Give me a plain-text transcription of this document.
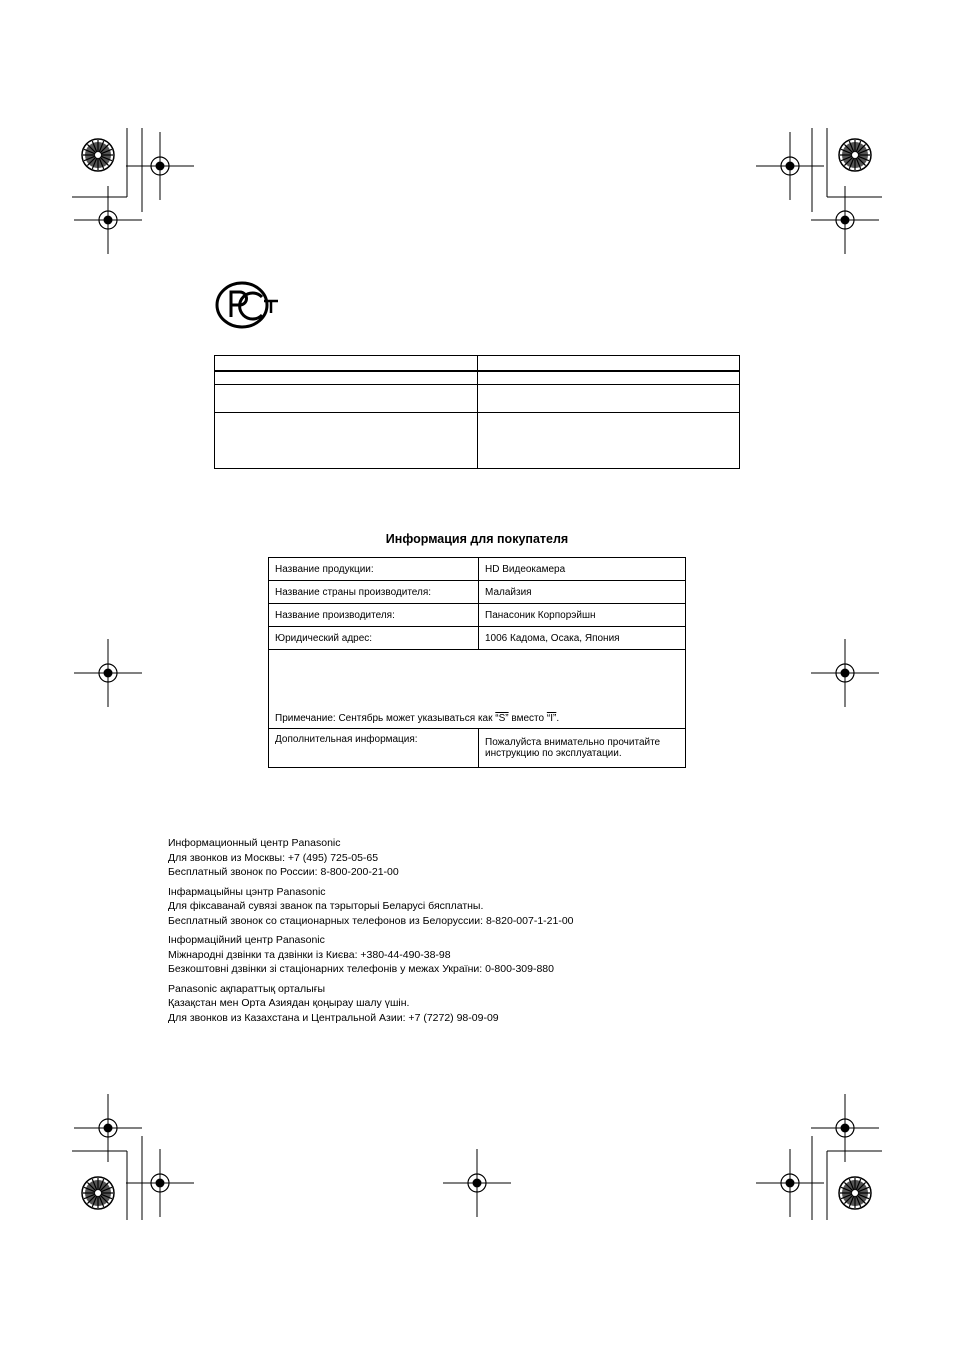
Информация для покупателя
Название продукции:	HD Видеокамера
Название страны производителя:	Малайзия
Название производителя:	Панасоник Корпорэйшн
Юридический адрес:	1006 Кадома, Осака, Япония
Примечание: Сентябрь может указываться как “S” вместо “I”.	
Дополнительная информация:	Пожалуйста внимательно прочитайте
инструкцию по эксплуатации.
Информационный центр Panasonic
Для звонков из Москвы: +7 (495) 725-05-65
Бесплатный звонок по России: 8-800-200-21-00
Інфармацыйны цэнтр Panasonic
Для фіксаванай сувязі званок па тэрыторыі Беларусі бясплатны.
Бесплатный звонок со стационарных телефонов из Белоруссии: 8-820-007-1-21-00
Інформаційний центр Panasonic
Міжнародні дзвінки та дзвінки із Києва: +380-44-490-38-98
Безкоштовні дзвінки зі стаціонарних телефонів у межах України: 0-800-309-880
Panasonic ақпараттық орталығы
Қазақстан мен Орта Азиядан қоңырау шалу үшін.
Для звонков из Казахстана и Центральной Азии: +7 (7272) 98-09-09
